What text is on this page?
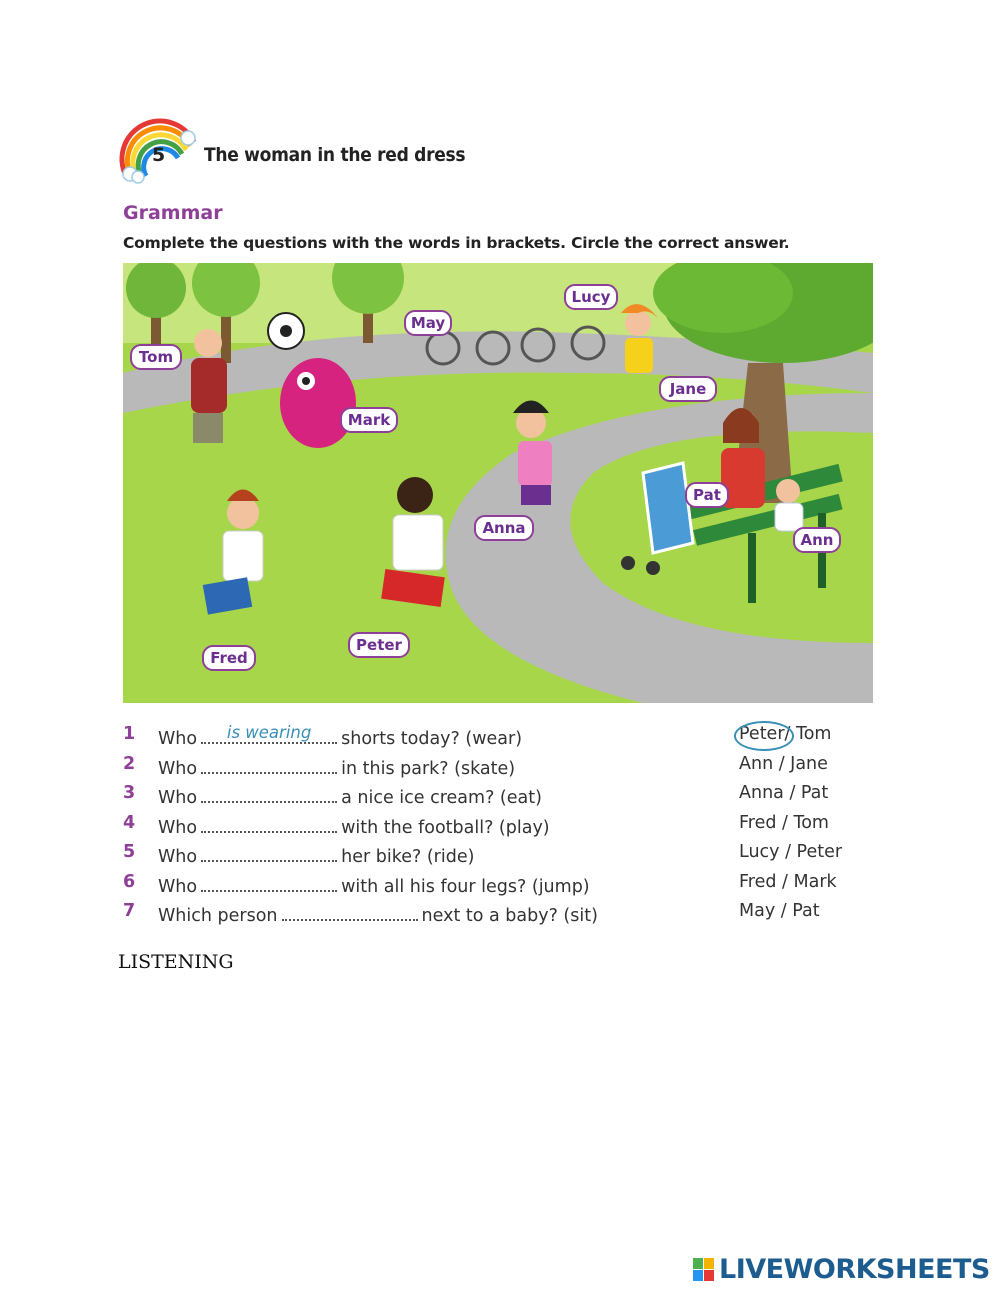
5 The woman in the red dress
Grammar
Complete the questions with the words in brackets. Circle the correct answer.
Tom
May
Lucy
Mark
Jane
Pat
Anna
Ann
Fred
Peter
1 Who	is wearing	shorts today? (wear)	Peter/ Tom
2 Who	in this park? (skate)	Ann / Jane
3 Who	a nice ice cream? (eat)	Anna / Pat
4 Who	with the football? (play)	Fred / Tom
5 Who	her bike? (ride)	Lucy / Peter
6 Who	with all his four legs? (jump)	Fred / Mark
7 Which person	next to a baby? (sit)	May / Pat
LISTENING
LIVEWORKSHEETS
